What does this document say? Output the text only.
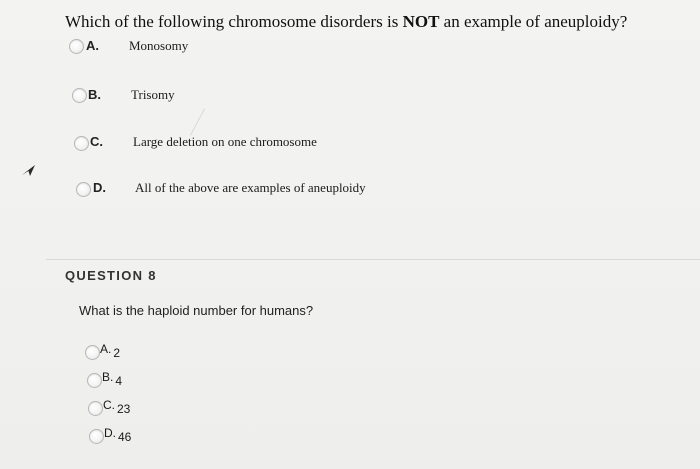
Which of the following chromosome disorders is NOT an example of aneuploidy?
A. Monosomy
B. Trisomy
C. Large deletion on one chromosome
D. All of the above are examples of aneuploidy
QUESTION 8
What is the haploid number for humans?
A. 2
B. 4
C. 23
D. 46
